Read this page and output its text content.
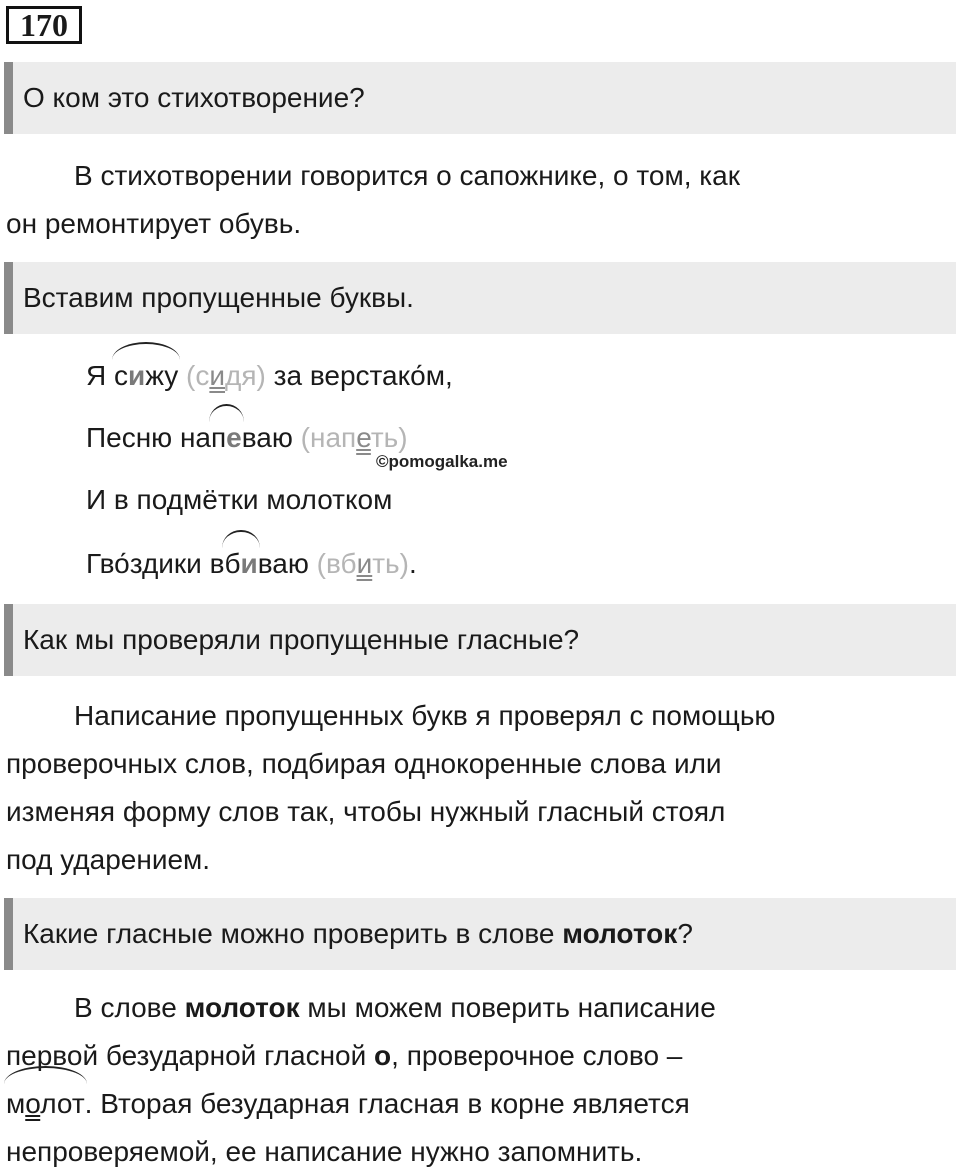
170
О ком это стихотворение?

В стихотворении говорится о сапожнике, о том, как
он ремонтирует обувь.

Вставим пропущенные буквы.
Я
сижу (сидя) за верстако́м,
Песню на
певаю (напеть)
©pomogalka.me
И в подмётки молотком
Гво́здики в
биваю (вбить).
Как мы проверяли пропущенные гласные?

Написание пропущенных букв я проверял с помощью
проверочных слов, подбирая однокоренные слова или
изменяя форму слов так, чтобы нужный гласный стоял
под ударением.

Какие гласные можно проверить в слове молоток?

В слове молоток мы можем поверить написание
первой безударной гласной о, проверочное слово –

молот. Вторая безударная гласная в корне является
непроверяемой, ее написание нужно запомнить.
